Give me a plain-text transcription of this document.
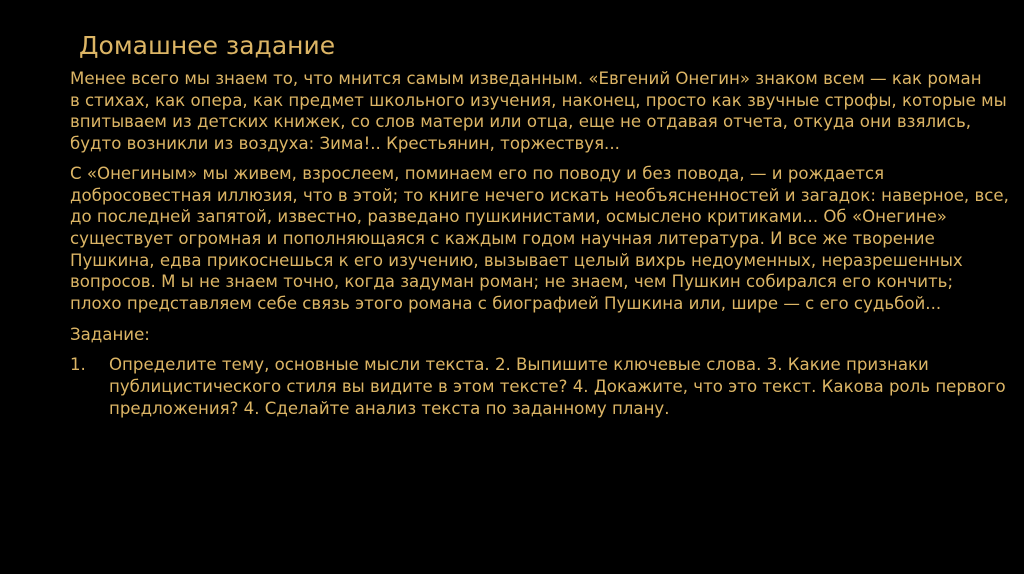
Домашнее задание

Менее всего мы знаем то, что мнится самым изведанным. «Евгений Онегин» знаком всем — как роман
в стихах, как опера, как предмет школьного изучения, наконец, просто как звучные строфы, которые мы
впитываем из детских книжек, со слов матери или отца, еще не отдавая отчета, откуда они взялись,
будто возникли из воздуха: Зима!.. Крестьянин, торжествуя...

С «Онегиным» мы живем, взрослеем, поминаем его по поводу и без повода, — и рождается
добросовестная иллюзия, что в этой; то книге нечего искать необъясненностей и загадок: наверное, все,
до последней запятой, известно, разведано пушкинистами, осмыслено критиками... Об «Онегине»
существует огромная и пополняющаяся с каждым годом научная литература. И все же творение
Пушкина, едва прикоснешься к его изучению, вызывает целый вихрь недоуменных, неразрешенных
вопросов. М ы не знаем точно, когда задуман роман; не знаем, чем Пушкин собирался его кончить;
плохо представляем себе связь этого романа с биографией Пушкина или, шире — с его судьбой...

Задание:

1. Определите тему, основные мысли текста. 2. Выпишите ключевые слова. 3. Какие признаки
публицистического стиля вы видите в этом тексте? 4. Докажите, что это текст. Какова роль первого
предложения? 4. Сделайте анализ текста по заданному плану.
